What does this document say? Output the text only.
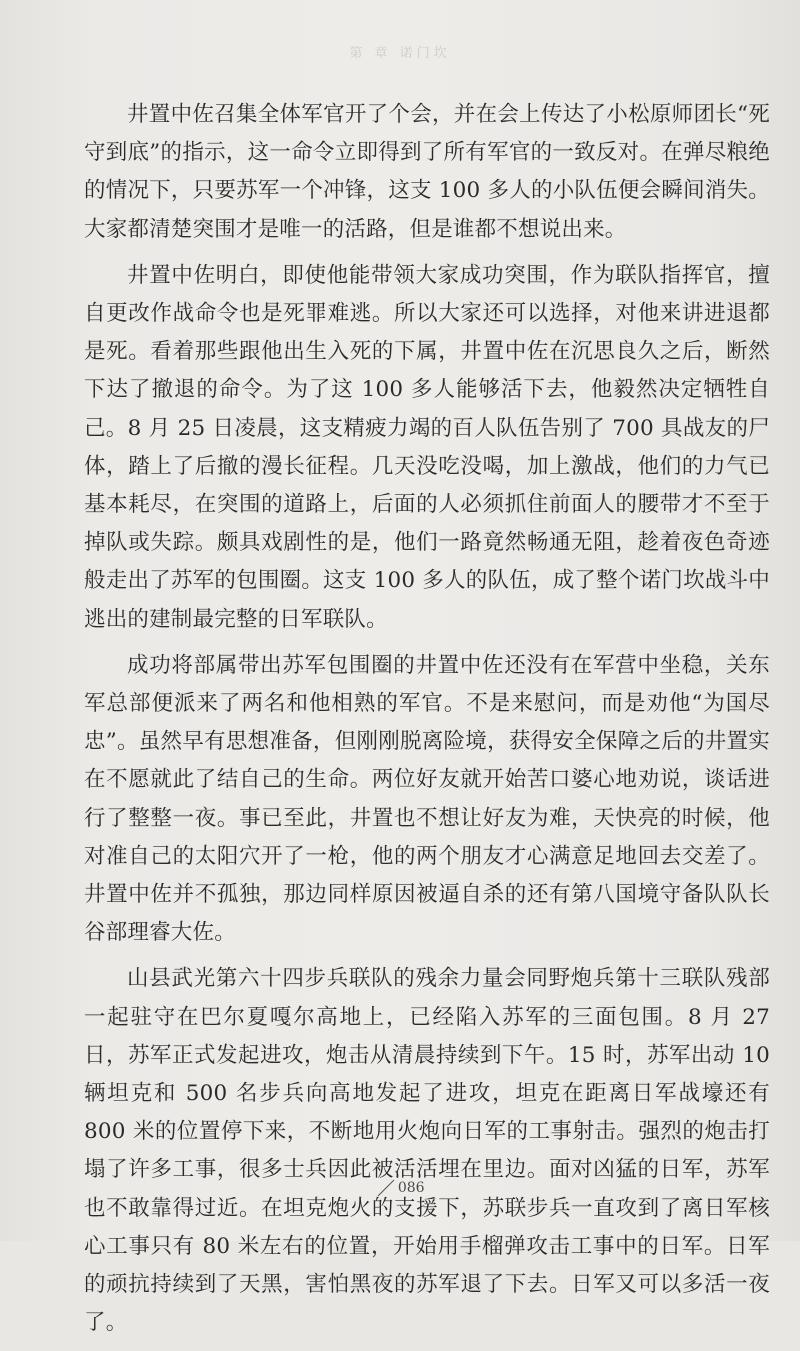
第 章 诺门坎

井置中佐召集全体军官开了个会，并在会上传达了小松原师团长“死守到底”的指示，这一命令立即得到了所有军官的一致反对。在弹尽粮绝的情况下，只要苏军一个冲锋，这支 100 多人的小队伍便会瞬间消失。大家都清楚突围才是唯一的活路，但是谁都不想说出来。

井置中佐明白，即使他能带领大家成功突围，作为联队指挥官，擅自更改作战命令也是死罪难逃。所以大家还可以选择，对他来讲进退都是死。看着那些跟他出生入死的下属，井置中佐在沉思良久之后，断然下达了撤退的命令。为了这 100 多人能够活下去，他毅然决定牺牲自己。8 月 25 日凌晨，这支精疲力竭的百人队伍告别了 700 具战友的尸体，踏上了后撤的漫长征程。几天没吃没喝，加上激战，他们的力气已基本耗尽，在突围的道路上，后面的人必须抓住前面人的腰带才不至于掉队或失踪。颇具戏剧性的是，他们一路竟然畅通无阻，趁着夜色奇迹般走出了苏军的包围圈。这支 100 多人的队伍，成了整个诺门坎战斗中逃出的建制最完整的日军联队。

成功将部属带出苏军包围圈的井置中佐还没有在军营中坐稳，关东军总部便派来了两名和他相熟的军官。不是来慰问，而是劝他“为国尽忠”。虽然早有思想准备，但刚刚脱离险境，获得安全保障之后的井置实在不愿就此了结自己的生命。两位好友就开始苦口婆心地劝说，谈话进行了整整一夜。事已至此，井置也不想让好友为难，天快亮的时候，他对准自己的太阳穴开了一枪，他的两个朋友才心满意足地回去交差了。井置中佐并不孤独，那边同样原因被逼自杀的还有第八国境守备队队长谷部理睿大佐。

山县武光第六十四步兵联队的残余力量会同野炮兵第十三联队残部一起驻守在巴尔夏嘎尔高地上，已经陷入苏军的三面包围。8 月 27 日，苏军正式发起进攻，炮击从清晨持续到下午。15 时，苏军出动 10 辆坦克和 500 名步兵向高地发起了进攻，坦克在距离日军战壕还有 800 米的位置停下来，不断地用火炮向日军的工事射击。强烈的炮击打塌了许多工事，很多士兵因此被活活埋在里边。面对凶猛的日军，苏军也不敢靠得过近。在坦克炮火的支援下，苏联步兵一直攻到了离日军核心工事只有 80 米左右的位置，开始用手榴弹攻击工事中的日军。日军的顽抗持续到了天黑，害怕黑夜的苏军退了下去。日军又可以多活一夜了。

086
